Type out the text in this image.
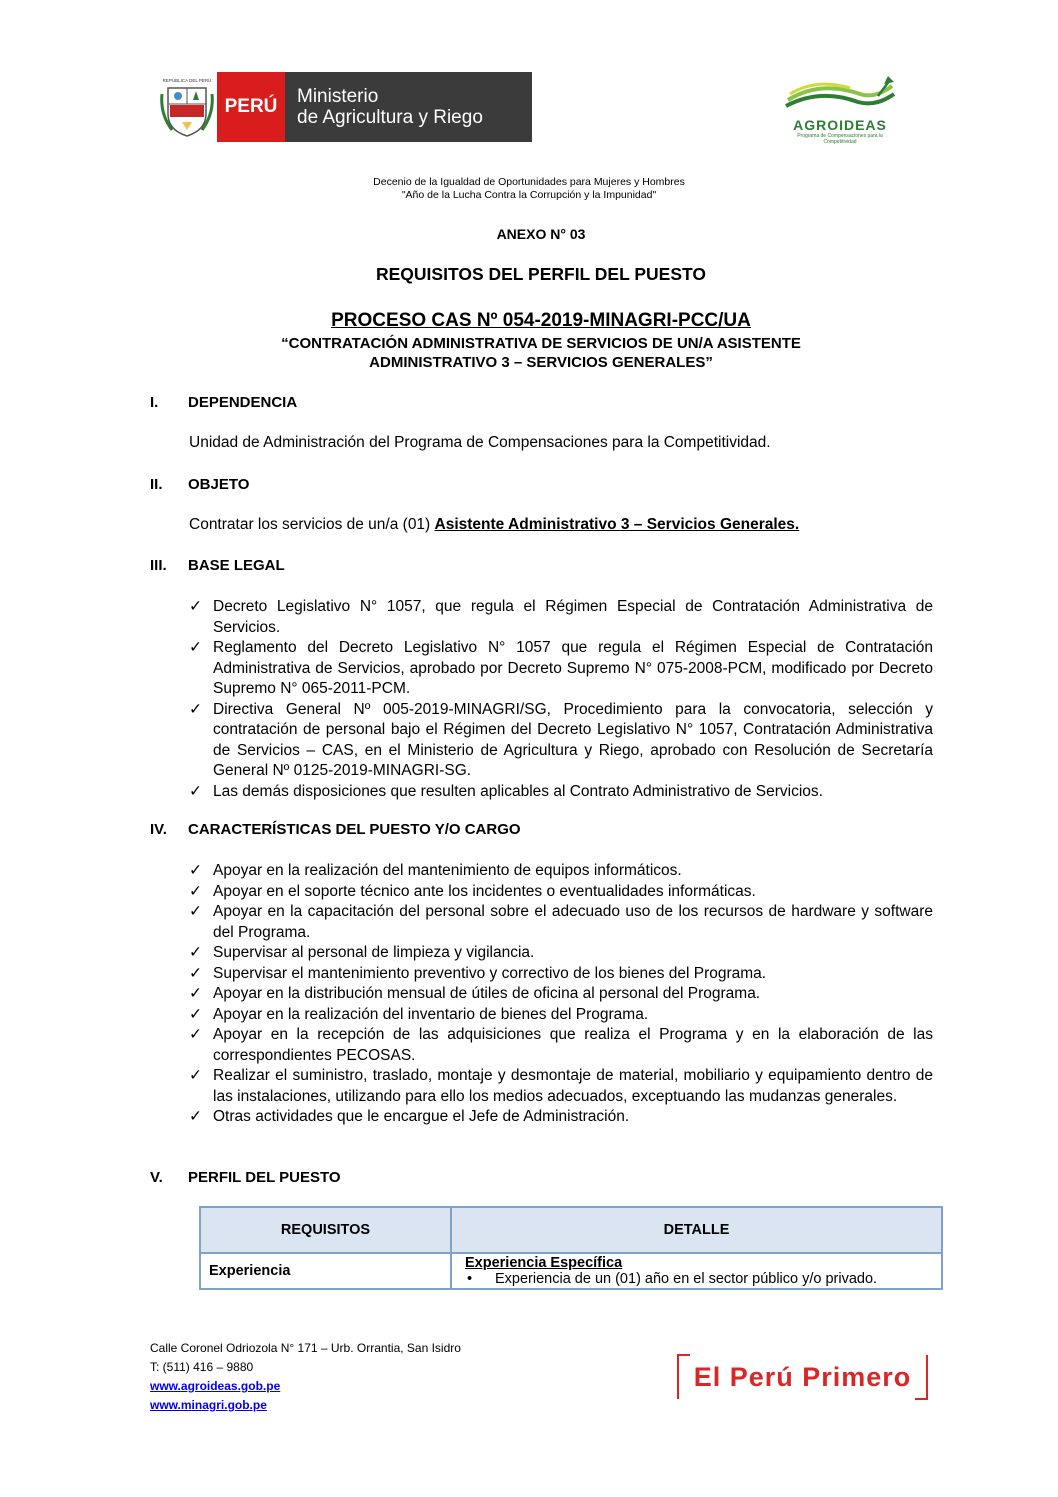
REPÚBLICA DEL PERÚ
PERÚ	Ministerio
de Agricultura y Riego	AGROIDEAS
Programa de Compensaciones para la Competitividad
Decenio de la Igualdad de Oportunidades para Mujeres y Hombres
"Año de la Lucha Contra la Corrupción y la Impunidad"
ANEXO N° 03
REQUISITOS DEL PERFIL DEL PUESTO
PROCESO CAS Nº 054-2019-MINAGRI-PCC/UA
“CONTRATACIÓN ADMINISTRATIVA DE SERVICIOS DE UN/A ASISTENTE
ADMINISTRATIVO 3 – SERVICIOS GENERALES”
I.	DEPENDENCIA
Unidad de Administración del Programa de Compensaciones para la Competitividad.
II.	OBJETO
Contratar los servicios de un/a (01) Asistente Administrativo 3 – Servicios Generales.
III.	BASE LEGAL
✓ Decreto Legislativo N° 1057, que regula el Régimen Especial de Contratación Administrativa de Servicios.
✓ Reglamento del Decreto Legislativo N° 1057 que regula el Régimen Especial de Contratación Administrativa de Servicios, aprobado por Decreto Supremo N° 075-2008-PCM, modificado por Decreto Supremo N° 065-2011-PCM.
✓ Directiva General Nº 005-2019-MINAGRI/SG, Procedimiento para la convocatoria, selección y contratación de personal bajo el Régimen del Decreto Legislativo N° 1057, Contratación Administrativa de Servicios – CAS, en el Ministerio de Agricultura y Riego, aprobado con Resolución de Secretaría General Nº 0125-2019-MINAGRI-SG.
✓ Las demás disposiciones que resulten aplicables al Contrato Administrativo de Servicios.
IV.	CARACTERÍSTICAS DEL PUESTO Y/O CARGO
✓ Apoyar en la realización del mantenimiento de equipos informáticos.
✓ Apoyar en el soporte técnico ante los incidentes o eventualidades informáticas.
✓ Apoyar en la capacitación del personal sobre el adecuado uso de los recursos de hardware y software del Programa.
✓ Supervisar al personal de limpieza y vigilancia.
✓ Supervisar el mantenimiento preventivo y correctivo de los bienes del Programa.
✓ Apoyar en la distribución mensual de útiles de oficina al personal del Programa.
✓ Apoyar en la realización del inventario de bienes del Programa.
✓ Apoyar en la recepción de las adquisiciones que realiza el Programa y en la elaboración de las correspondientes PECOSAS.
✓ Realizar el suministro, traslado, montaje y desmontaje de material, mobiliario y equipamiento dentro de las instalaciones, utilizando para ello los medios adecuados, exceptuando las mudanzas generales.
✓ Otras actividades que le encargue el Jefe de Administración.
V.	PERFIL DEL PUESTO
REQUISITOS	DETALLE
Experiencia	Experiencia Específica
• Experiencia de un (01) año en el sector público y/o privado.
Calle Coronel Odriozola N° 171 – Urb. Orrantia, San Isidro
T: (511) 416 – 9880
www.agroideas.gob.pe
www.minagri.gob.pe
El Perú Primero
